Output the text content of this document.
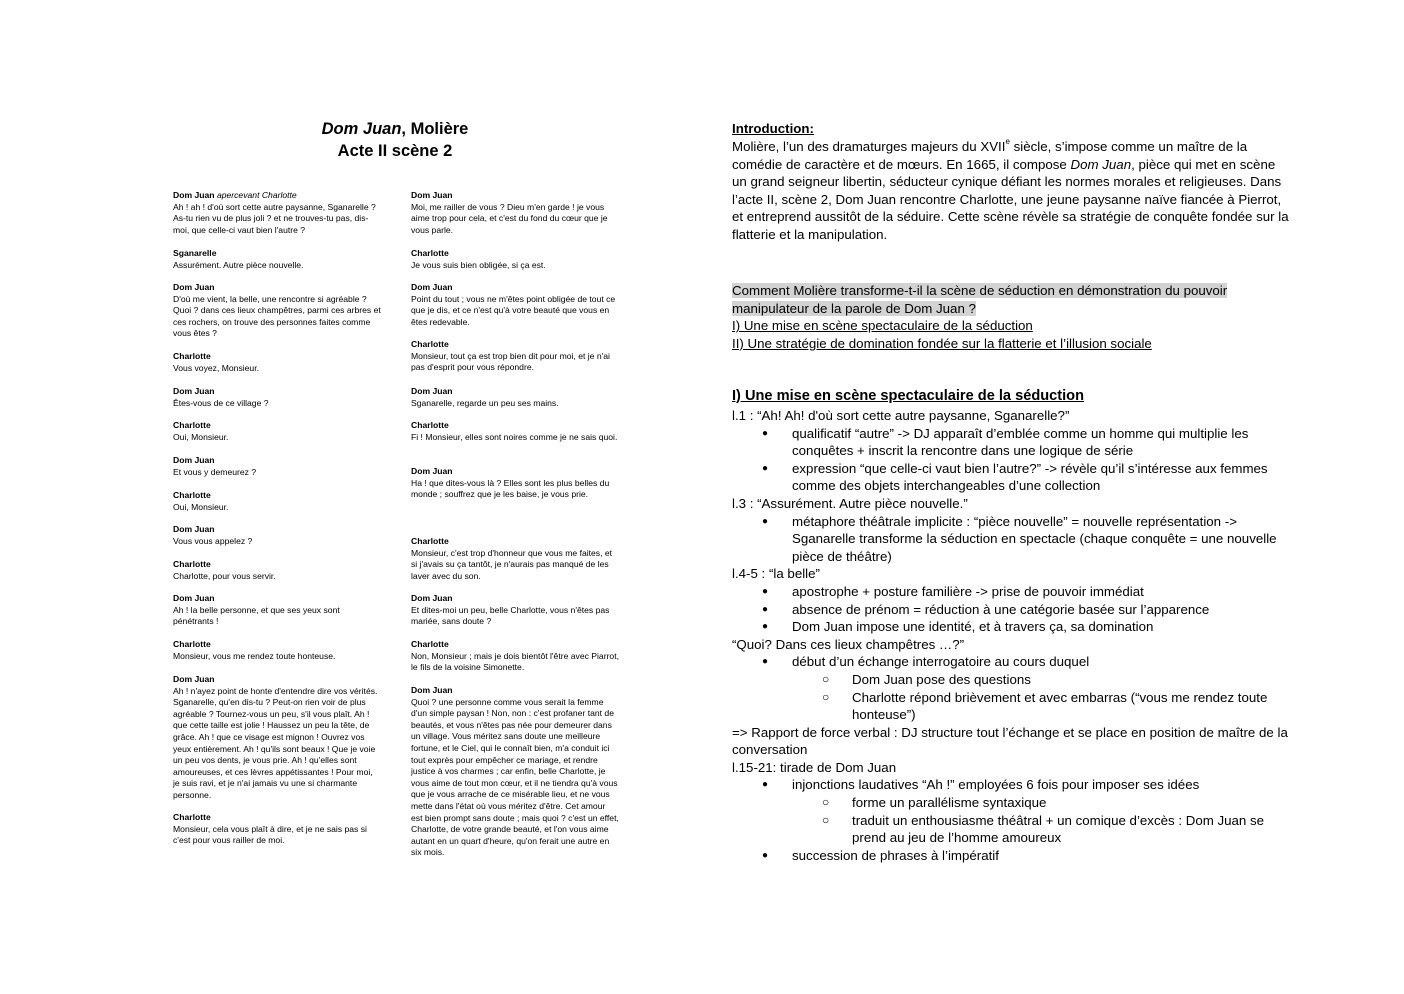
Dom Juan, Molière
Acte II scène 2
Dom Juan apercevant Charlotte
Ah ! ah ! d'où sort cette autre paysanne, Sganarelle ? As-tu rien vu de plus joli ? et ne trouves-tu pas, dis-moi, que celle-ci vaut bien l'autre ?
Sganarelle
Assurément. Autre pièce nouvelle.
Dom Juan
D'où me vient, la belle, une rencontre si agréable ? Quoi ? dans ces lieux champêtres, parmi ces arbres et ces rochers, on trouve des personnes faites comme vous êtes ?
Charlotte
Vous voyez, Monsieur.
Dom Juan
Êtes-vous de ce village ?
Charlotte
Oui, Monsieur.
Dom Juan
Et vous y demeurez ?
Charlotte
Oui, Monsieur.
Dom Juan
Vous vous appelez ?
Charlotte
Charlotte, pour vous servir.
Dom Juan
Ah ! la belle personne, et que ses yeux sont pénétrants !
Charlotte
Monsieur, vous me rendez toute honteuse.
Dom Juan
Ah ! n'ayez point de honte d'entendre dire vos vérités. Sganarelle, qu'en dis-tu ? Peut-on rien voir de plus agréable ? Tournez-vous un peu, s'il vous plaît. Ah ! que cette taille est jolie ! Haussez un peu la tête, de grâce. Ah ! que ce visage est mignon ! Ouvrez vos yeux entièrement. Ah ! qu'ils sont beaux ! Que je voie un peu vos dents, je vous prie. Ah ! qu'elles sont amoureuses, et ces lèvres appétissantes ! Pour moi, je suis ravi, et je n'ai jamais vu une si charmante personne.
Charlotte
Monsieur, cela vous plaît à dire, et je ne sais pas si c'est pour vous railler de moi.
Dom Juan
Moi, me railler de vous ? Dieu m'en garde ! je vous aime trop pour cela, et c'est du fond du cœur que je vous parle.
Charlotte
Je vous suis bien obligée, si ça est.
Dom Juan
Point du tout ; vous ne m'êtes point obligée de tout ce que je dis, et ce n'est qu'à votre beauté que vous en êtes redevable.
Charlotte
Monsieur, tout ça est trop bien dit pour moi, et je n'ai pas d'esprit pour vous répondre.
Dom Juan
Sganarelle, regarde un peu ses mains.
Charlotte
Fi ! Monsieur, elles sont noires comme je ne sais quoi.
Dom Juan
Ha ! que dites-vous là ? Elles sont les plus belles du monde ; souffrez que je les baise, je vous prie.
Charlotte
Monsieur, c'est trop d'honneur que vous me faites, et si j'avais su ça tantôt, je n'aurais pas manqué de les laver avec du son.
Dom Juan
Et dites-moi un peu, belle Charlotte, vous n'êtes pas mariée, sans doute ?
Charlotte
Non, Monsieur ; mais je dois bientôt l'être avec Piarrot, le fils de la voisine Simonette.
Dom Juan
Quoi ? une personne comme vous serait la femme d'un simple paysan ! Non, non : c'est profaner tant de beautés, et vous n'êtes pas née pour demeurer dans un village. Vous méritez sans doute une meilleure fortune, et le Ciel, qui le connaît bien, m'a conduit ici tout exprès pour empêcher ce mariage, et rendre justice à vos charmes ; car enfin, belle Charlotte, je vous aime de tout mon cœur, et il ne tiendra qu'à vous que je vous arrache de ce misérable lieu, et ne vous mette dans l'état où vous méritez d'être. Cet amour est bien prompt sans doute ; mais quoi ? c'est un effet, Charlotte, de votre grande beauté, et l'on vous aime autant en un quart d'heure, qu'on ferait une autre en six mois.
Introduction:
Molière, l’un des dramaturges majeurs du XVIIe siècle, s’impose comme un maître de la comédie de caractère et de mœurs. En 1665, il compose Dom Juan, pièce qui met en scène un grand seigneur libertin, séducteur cynique défiant les normes morales et religieuses. Dans l’acte II, scène 2, Dom Juan rencontre Charlotte, une jeune paysanne naïve fiancée à Pierrot, et entreprend aussitôt de la séduire. Cette scène révèle sa stratégie de conquête fondée sur la flatterie et la manipulation.
Comment Molière transforme-t-il la scène de séduction en démonstration du pouvoir manipulateur de la parole de Dom Juan ?
I) Une mise en scène spectaculaire de la séduction
II) Une stratégie de domination fondée sur la flatterie et l’illusion sociale
I) Une mise en scène spectaculaire de la séduction
l.1 : “Ah! Ah! d'où sort cette autre paysanne, Sganarelle?”
● qualificatif “autre” -> DJ apparaît d’emblée comme un homme qui multiplie les conquêtes + inscrit la rencontre dans une logique de série
● expression “que celle-ci vaut bien l’autre?” -> révèle qu’il s’intéresse aux femmes comme des objets interchangeables d’une collection
l.3 : “Assurément. Autre pièce nouvelle.”
● métaphore théâtrale implicite : “pièce nouvelle” = nouvelle représentation -> Sganarelle transforme la séduction en spectacle (chaque conquête = une nouvelle pièce de théâtre)
l.4-5 : “la belle”
● apostrophe + posture familière -> prise de pouvoir immédiat
● absence de prénom = réduction à une catégorie basée sur l’apparence
● Dom Juan impose une identité, et à travers ça, sa domination
“Quoi? Dans ces lieux champêtres …?”
● début d’un échange interrogatoire au cours duquel
○ Dom Juan pose des questions
○ Charlotte répond brièvement et avec embarras (“vous me rendez toute honteuse”)
=> Rapport de force verbal : DJ structure tout l’échange et se place en position de maître de la conversation
l.15-21: tirade de Dom Juan
● injonctions laudatives “Ah !” employées 6 fois pour imposer ses idées
○ forme un parallélisme syntaxique
○ traduit un enthousiasme théâtral + un comique d’excès : Dom Juan se prend au jeu de l’homme amoureux
● succession de phrases à l’impératif
